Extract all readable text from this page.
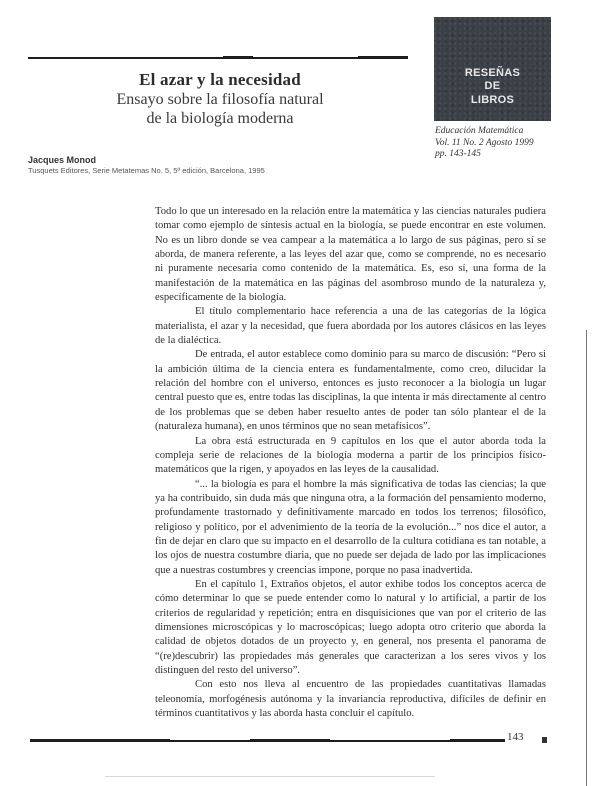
El azar y la necesidad
Ensayo sobre la filosofía natural
de la biología moderna
Jacques Monod
Tusquets Editores, Serie Metatemas No. 5, 5ª edición, Barcelona, 1995
RESEÑAS
DE
LIBROS
Educación Matemática
Vol. 11 No. 2 Agosto 1999
pp. 143-145

Todo lo que un interesado en la relación entre la matemática y las ciencias naturales pudiera tomar como ejemplo de síntesis actual en la biología, se puede encontrar en este volumen. No es un libro donde se vea campear a la matemática a lo largo de sus páginas, pero sí se aborda, de manera referente, a las leyes del azar que, como se comprende, no es necesario ni puramente necesaria como contenido de la matemática. Es, eso sí, una forma de la manifestación de la matemática en las páginas del asombroso mundo de la naturaleza y, específicamente de la biología.

El título complementario hace referencia a una de las categorías de la lógica materialista, el azar y la necesidad, que fuera abordada por los autores clásicos en las leyes de la dialéctica.

De entrada, el autor establece como dominio para su marco de discusión: “Pero si la ambición última de la ciencia entera es fundamentalmente, como creo, dilucidar la relación del hombre con el universo, entonces es justo reconocer a la biología un lugar central puesto que es, entre todas las disciplinas, la que intenta ir más directamente al centro de los problemas que se deben haber resuelto antes de poder tan sólo plantear el de la (naturaleza humana), en unos términos que no sean metafísicos”.

La obra está estructurada en 9 capítulos en los que el autor aborda toda la compleja serie de relaciones de la biología moderna a partir de los principios físico-matemáticos que la rigen, y apoyados en las leyes de la causalidad.

“... la biología es para el hombre la más significativa de todas las ciencias; la que ya ha contribuido, sin duda más que ninguna otra, a la formación del pensamiento moderno, profundamente trastornado y definitivamente marcado en todos los terrenos; filosófico, religioso y político, por el advenimiento de la teoría de la evolución...” nos dice el autor, a fin de dejar en claro que su impacto en el desarrollo de la cultura cotidiana es tan notable, a los ojos de nuestra costumbre diaria, que no puede ser dejada de lado por las implicaciones que a nuestras costumbres y creencias impone, porque no pasa inadvertida.

En el capítulo 1, Extraños objetos, el autor exhibe todos los conceptos acerca de cómo determinar lo que se puede entender como lo natural y lo artificial, a partir de los criterios de regularidad y repetición; entra en disquisiciones que van por el criterio de las dimensiones microscópicas y lo macroscópicas; luego adopta otro criterio que aborda la calidad de objetos dotados de un proyecto y, en general, nos presenta el panorama de “(re)descubrir) las propiedades más generales que caracterizan a los seres vivos y los distinguen del resto del universo”.

Con esto nos lleva al encuentro de las propiedades cuantitativas llamadas teleonomía, morfogénesis autónoma y la invariancia reproductiva, difíciles de definir en términos cuantitativos y las aborda hasta concluir el capítulo.

143
